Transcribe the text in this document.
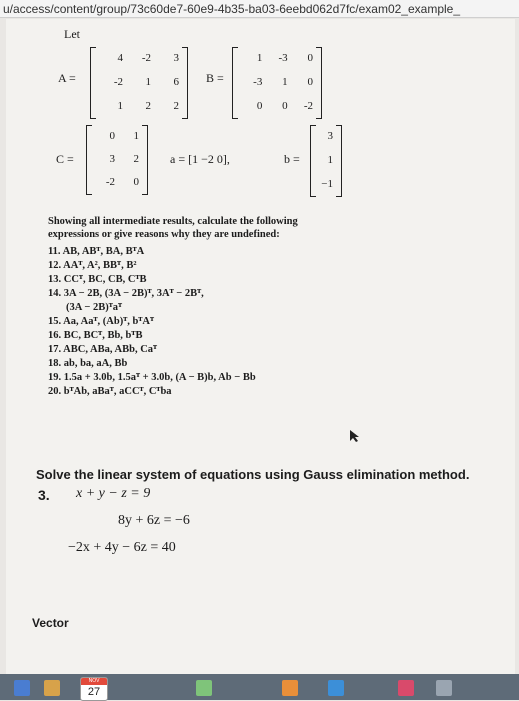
u/access/content/group/73c60de7-60e9-4b35-ba03-6eebd062d7fc/exam02_example_
Let
A =
4	-2	3
-2	1	6
1	2	2
B =
1	-3	0
-3	1	0
0	0	-2
C =
0	1
3	2
-2	0
a = [1 −2 0],	b =
3
1
−1
Showing all intermediate results, calculate the following
expressions or give reasons why they are undefined:
11. AB, ABᵀ, BA, BᵀA
12. AAᵀ, A², BBᵀ, B²
13. CCᵀ, BC, CB, CᵀB
14. 3A − 2B, (3A − 2B)ᵀ, 3Aᵀ − 2Bᵀ,
(3A − 2B)ᵀaᵀ
15. Aa, Aaᵀ, (Ab)ᵀ, bᵀAᵀ
16. BC, BCᵀ, Bb, bᵀB
17. ABC, ABa, ABb, Caᵀ
18. ab, ba, aA, Bb
19. 1.5a + 3.0b, 1.5aᵀ + 3.0b, (A − B)b, Ab − Bb
20. bᵀAb, aBaᵀ, aCCᵀ, Cᵀba
Solve the linear system of equations using Gauss elimination method.
3. x + y − z = 9
8y + 6z = −6
−2x + 4y − 6z = 40
Vector
NOV
27
